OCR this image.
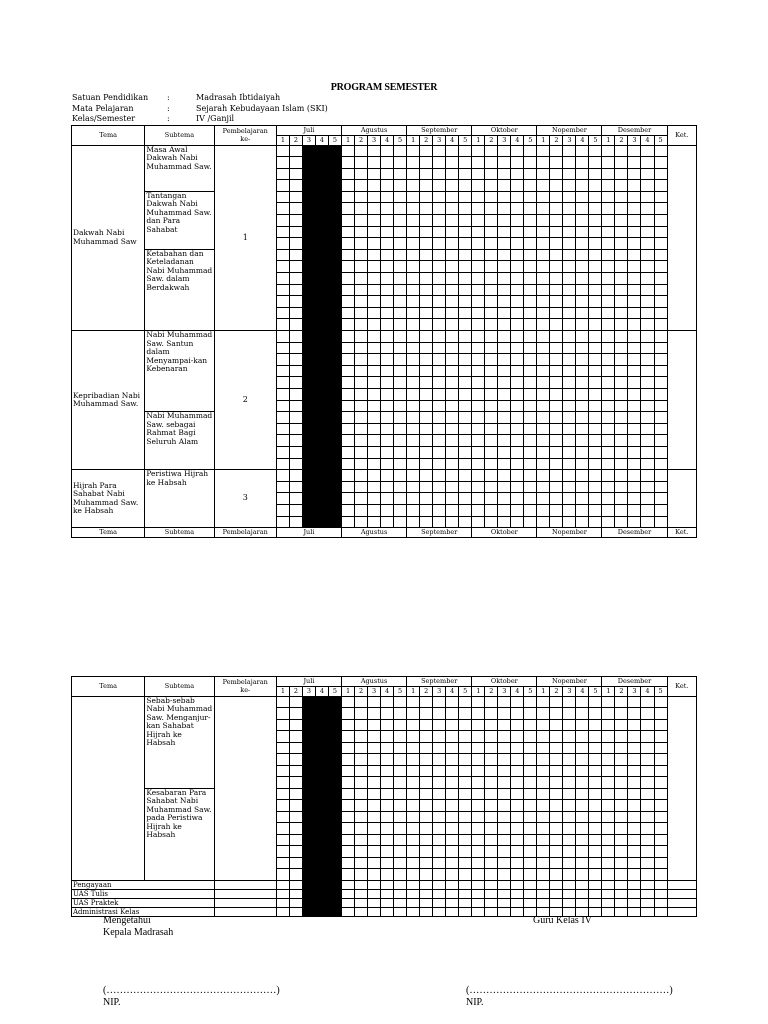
PROGRAM SEMESTER
Satuan Pendidikan	:	Madrasah Ibtidaiyah
Mata Pelajaran	:	Sejarah Kebudayaan Islam (SKI)
Kelas/Semester	:	IV /Ganjil
Tema	Subtema	Pembelajaran
ke-	Juli					Agustus					September					Oktober					Nopember					Desember					Ket.
			1	2	3	4	5	1	2	3	4	5	1	2	3	4	5	1	2	3	4	5	1	2	3	4	5	1	2	3	4	5	
Dakwah Nabi Muhammad Saw	Masa Awal Dakwah Nabi Muhammad Saw.	1																															

	Tantangan Dakwah Nabi Muhammad Saw. dan Para Sahabat																																

	Ketabahan dan Keteladanan Nabi Muhammad Saw. dalam Berdakwah																																

Kepribadian Nabi Muhammad Saw.	Nabi Muhammad Saw. Santun dalam Menyampai-kan Kebenaran	2																															

	Nabi Muhammad Saw. sebagai Rahmat Bagi Seluruh Alam																																

Hijrah Para Sahabat Nabi Muhammad Saw. ke Habsah	Peristiwa Hijrah ke Habsah	3																															

Tema	Subtema	Pembelajaran	Juli					Agustus					September					Oktober					Nopember					Desember					Ket.
Tema	Subtema	Pembelajaran
ke-	Juli					Agustus					September					Oktober					Nopember					Desember					Ket.
			1	2	3	4	5	1	2	3	4	5	1	2	3	4	5	1	2	3	4	5	1	2	3	4	5	1	2	3	4	5	
	Sebab-sebab Nabi Muhammad Saw. Menganjur-kan Sahabat Hijrah ke Habsah																																

	Kesabaran Para Sahabat Nabi Muhammad Saw. pada Peristiwa Hijrah ke Habsah																																

Pengayaan																																	
UAS Tulis																																	
UAS Praktek																																	
Administrasi Kelas																																	
Mengetahui
Kepala Madrasah
Guru Kelas IV
(……………………………………………)
NIP.
(……………………………………………………)
NIP.
